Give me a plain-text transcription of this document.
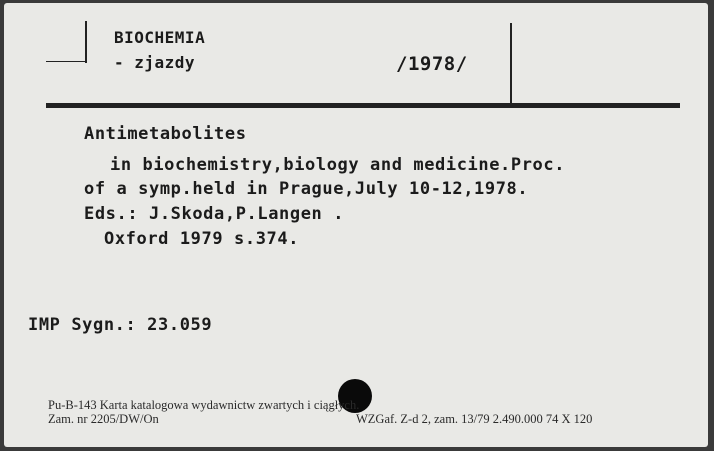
BIOCHEMIA
- zjazdy	/1978/
Antimetabolites
in biochemistry,biology and medicine.Proc.
of a symp.held in Prague,July 10-12,1978.
Eds.: J.Skoda,P.Langen .
Oxford 1979 s.374.
IMP Sygn.: 23.059
Pu-B-143 Karta katalogowa wydawnictw zwartych i ciągłych.
Zam. nr 2205/DW/On	WZGaf. Z-d 2, zam. 13/79 2.490.000 74 X 120
